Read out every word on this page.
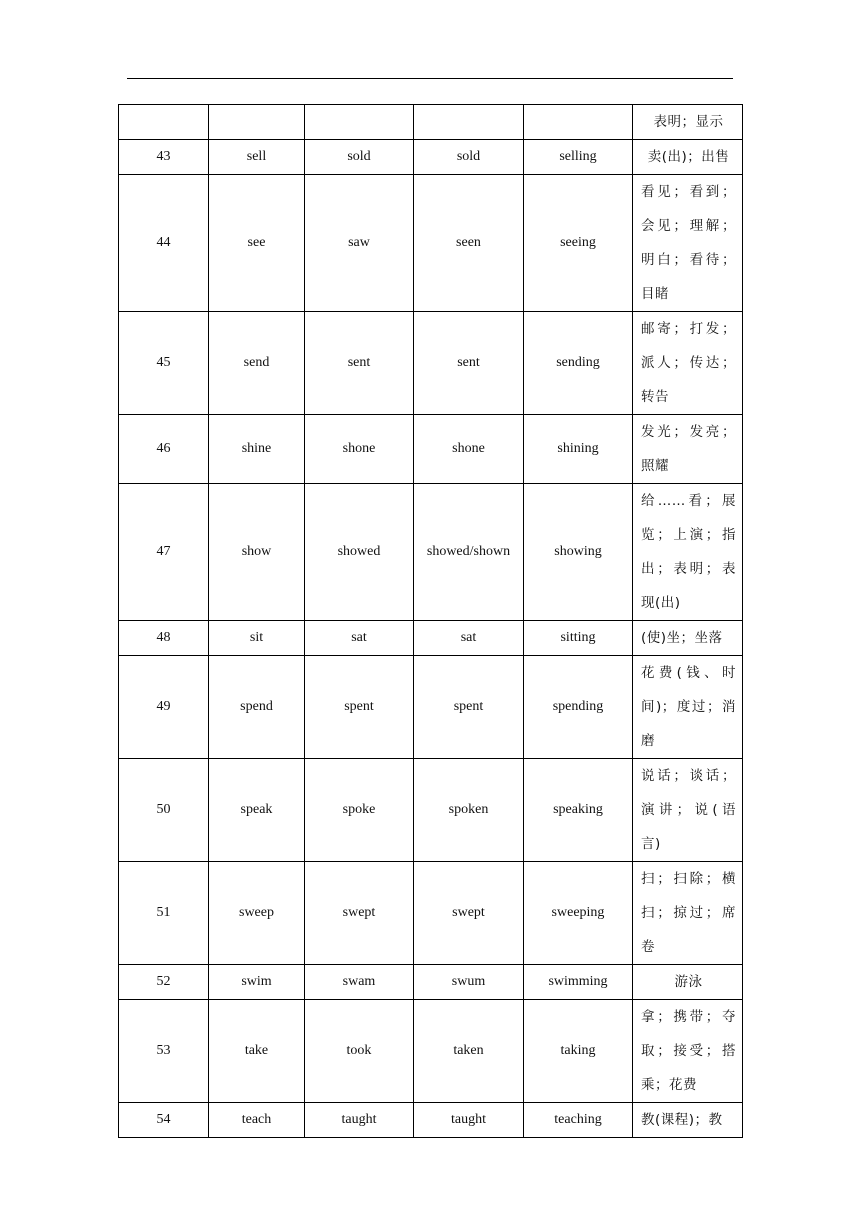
					表明；显示
43	sell	sold	sold	selling	卖(出)；出售
44	see	saw	seen	seeing	看见；看到；会见；理解；明白；看待；目睹
45	send	sent	sent	sending	邮寄；打发；派人；传达；转告
46	shine	shone	shone	shining	发光；发亮；照耀
47	show	showed	showed/shown	showing	给……看；展览；上演；指出；表明；表现(出)
48	sit	sat	sat	sitting	(使)坐；坐落
49	spend	spent	spent	spending	花费(钱、时间)；度过；消磨
50	speak	spoke	spoken	speaking	说话；谈话；演讲；说(语言)
51	sweep	swept	swept	sweeping	扫；扫除；横扫；掠过；席卷
52	swim	swam	swum	swimming	游泳
53	take	took	taken	taking	拿；携带；夺取；接受；搭乘；花费
54	teach	taught	taught	teaching	教(课程)；教
